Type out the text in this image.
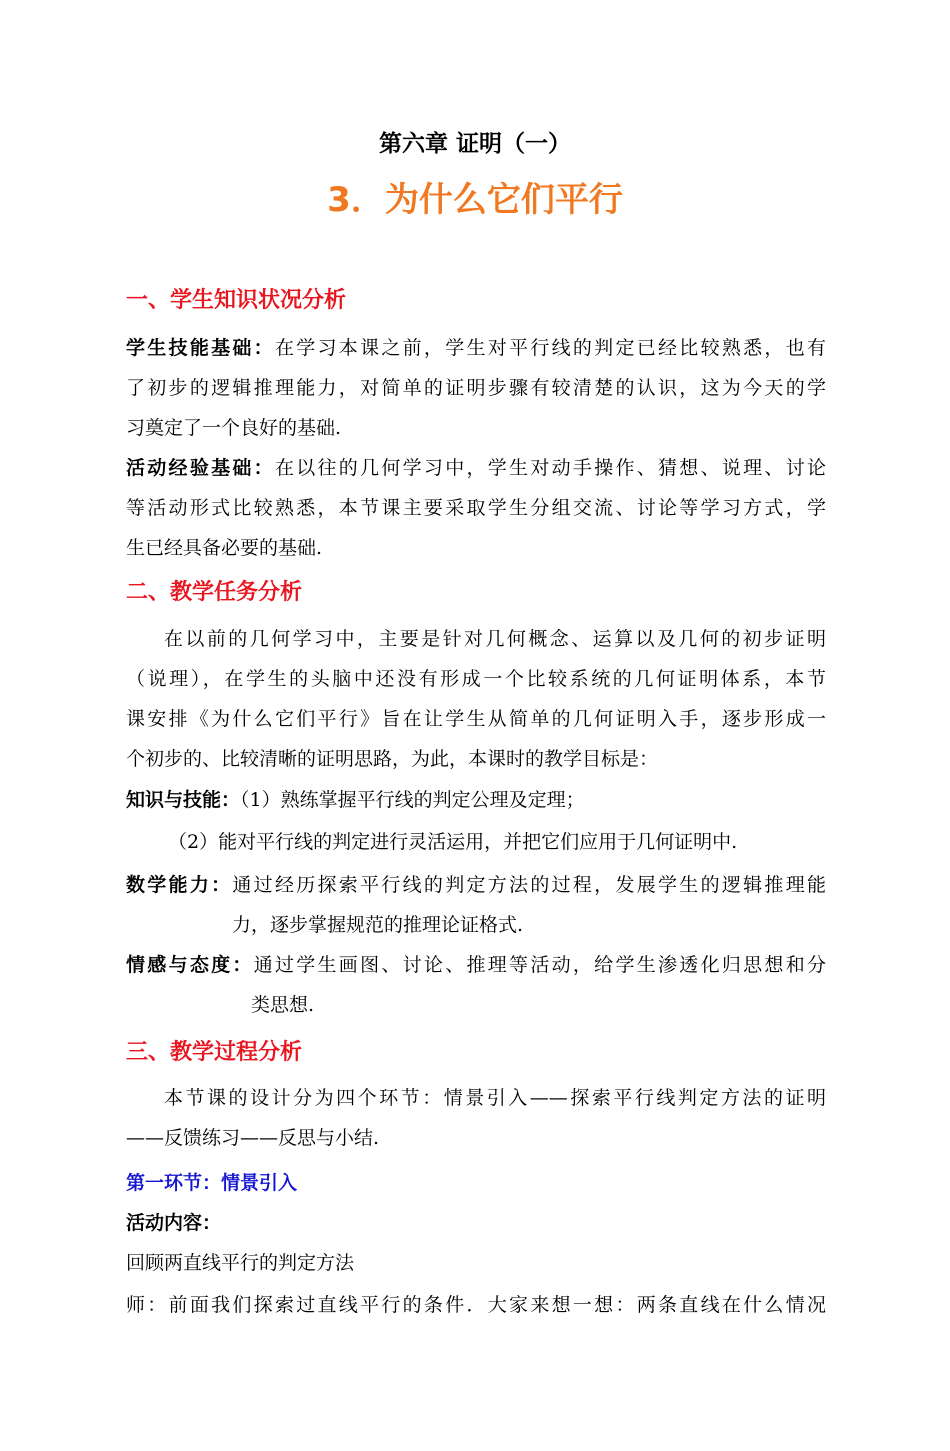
第六章 证明（一）
3．为什么它们平行
一、学生知识状况分析
学生技能基础：在学习本课之前，学生对平行线的判定已经比较熟悉，也有
了初步的逻辑推理能力，对简单的证明步骤有较清楚的认识，这为今天的学
习奠定了一个良好的基础.
活动经验基础：在以往的几何学习中，学生对动手操作、猜想、说理、讨论
等活动形式比较熟悉，本节课主要采取学生分组交流、讨论等学习方式，学
生已经具备必要的基础.
二、教学任务分析
在以前的几何学习中，主要是针对几何概念、运算以及几何的初步证明
（说理），在学生的头脑中还没有形成一个比较系统的几何证明体系，本节
课安排《为什么它们平行》旨在让学生从简单的几何证明入手，逐步形成一
个初步的、比较清晰的证明思路，为此，本课时的教学目标是：
知识与技能：（1）熟练掌握平行线的判定公理及定理；
（2）能对平行线的判定进行灵活运用，并把它们应用于几何证明中.
数学能力：通过经历探索平行线的判定方法的过程，发展学生的逻辑推理能
力，逐步掌握规范的推理论证格式.
情感与态度：通过学生画图、讨论、推理等活动，给学生渗透化归思想和分
类思想.
三、教学过程分析
本节课的设计分为四个环节：情景引入——探索平行线判定方法的证明
——反馈练习——反思与小结.
第一环节：情景引入
活动内容：
回顾两直线平行的判定方法
师：前面我们探索过直线平行的条件．大家来想一想：两条直线在什么情况
